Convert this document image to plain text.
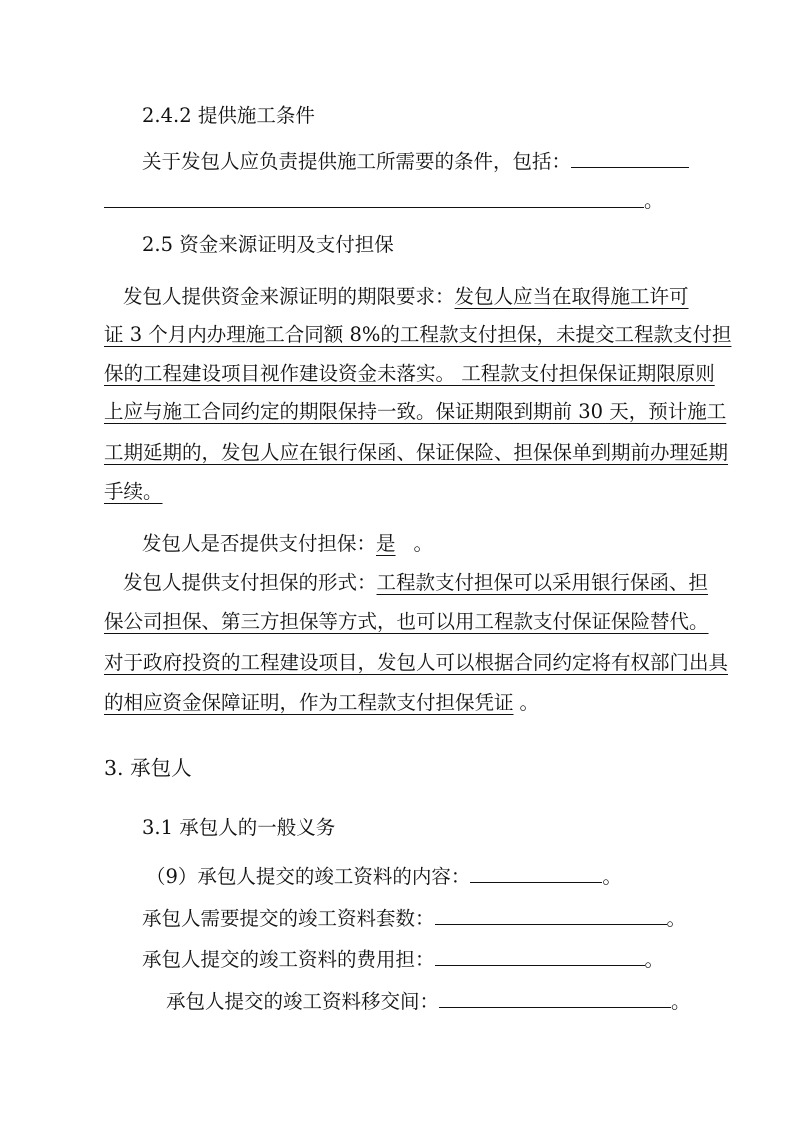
2.4.2 提供施工条件
关于发包人应负责提供施工所需要的条件，包括：
。
2.5 资金来源证明及支付担保
发包人提供资金来源证明的期限要求：发包人应当在取得施工许可
证 3 个月内办理施工合同额 8%的工程款支付担保，未提交工程款支付担
保的工程建设项目视作建设资金未落实。 工程款支付担保保证期限原则
上应与施工合同约定的期限保持一致。保证期限到期前 30 天，预计施工
工期延期的，发包人应在银行保函、保证保险、担保保单到期前办理延期
手续。
发包人是否提供支付担保：是 。
发包人提供支付担保的形式：工程款支付担保可以采用银行保函、担
保公司担保、第三方担保等方式，也可以用工程款支付保证保险替代。
对于政府投资的工程建设项目，发包人可以根据合同约定将有权部门出具
的相应资金保障证明，作为工程款支付担保凭证 。
3. 承包人
3.1 承包人的一般义务
（9）承包人提交的竣工资料的内容：	。
承包人需要提交的竣工资料套数：	。
承包人提交的竣工资料的费用担：	。
承包人提交的竣工资料移交间：	。
